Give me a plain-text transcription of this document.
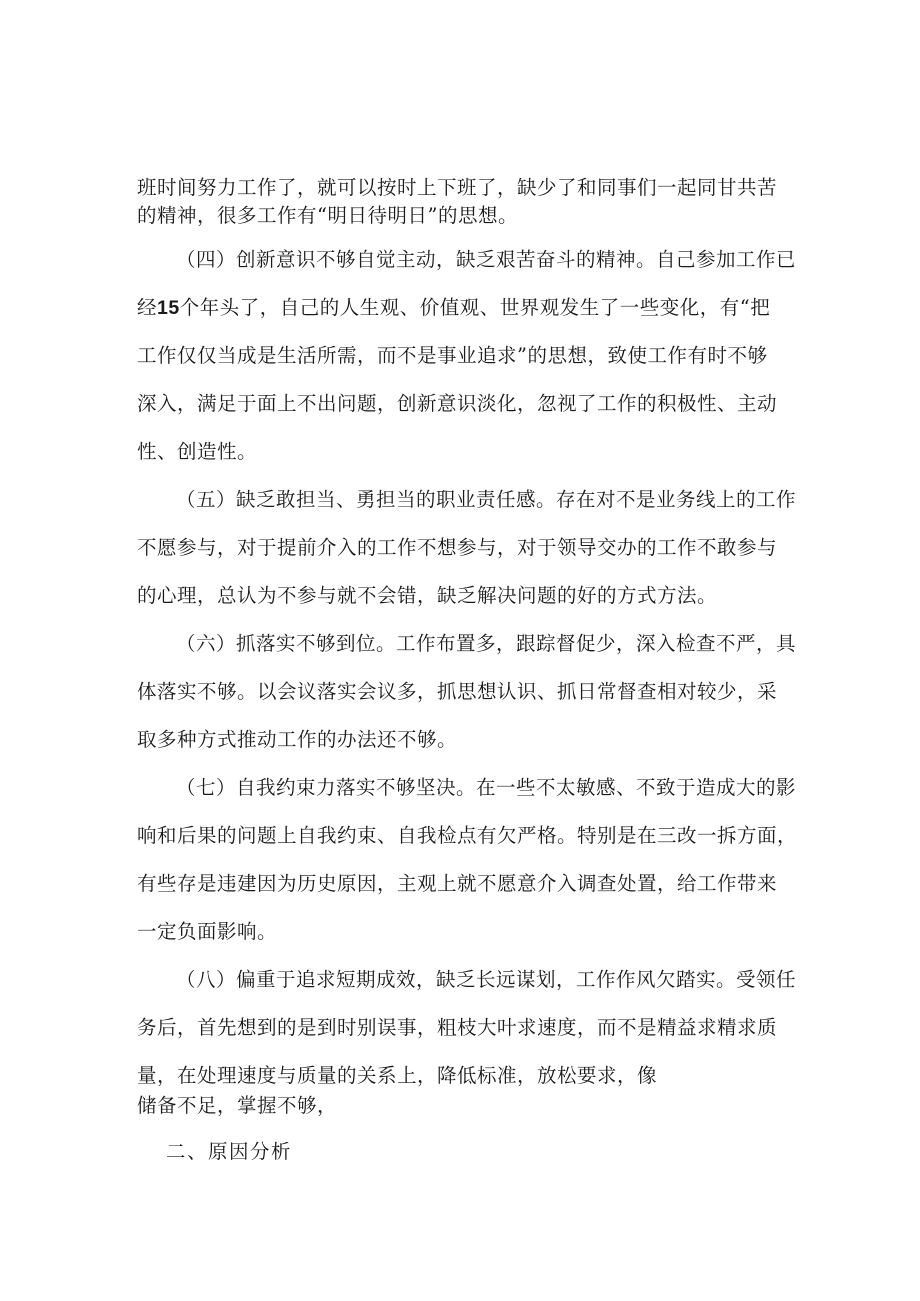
班时间努力工作了，就可以按时上下班了，缺少了和同事们一起同甘共苦
的精神，很多工作有“明日待明日”的思想。
（四）创新意识不够自觉主动，缺乏艰苦奋斗的精神。自己参加工作已
经15个年头了，自己的人生观、价值观、世界观发生了一些变化，有“把
工作仅仅当成是生活所需，而不是事业追求”的思想，致使工作有时不够
深入，满足于面上不出问题，创新意识淡化，忽视了工作的积极性、主动
性、创造性。
（五）缺乏敢担当、勇担当的职业责任感。存在对不是业务线上的工作
不愿参与，对于提前介入的工作不想参与，对于领导交办的工作不敢参与
的心理，总认为不参与就不会错，缺乏解决问题的好的方式方法。
（六）抓落实不够到位。工作布置多，跟踪督促少，深入检查不严，具
体落实不够。以会议落实会议多，抓思想认识、抓日常督查相对较少，采
取多种方式推动工作的办法还不够。
（七）自我约束力落实不够坚决。在一些不太敏感、不致于造成大的影
响和后果的问题上自我约束、自我检点有欠严格。特别是在三改一拆方面，
有些存是违建因为历史原因，主观上就不愿意介入调查处置，给工作带来
一定负面影响。
（八）偏重于追求短期成效，缺乏长远谋划，工作作风欠踏实。受领任
务后，首先想到的是到时别误事，粗枝大叶求速度，而不是精益求精求质
量，在处理速度与质量的关系上，降低标准，放松要求，像
储备不足，掌握不够，
二、原因分析
